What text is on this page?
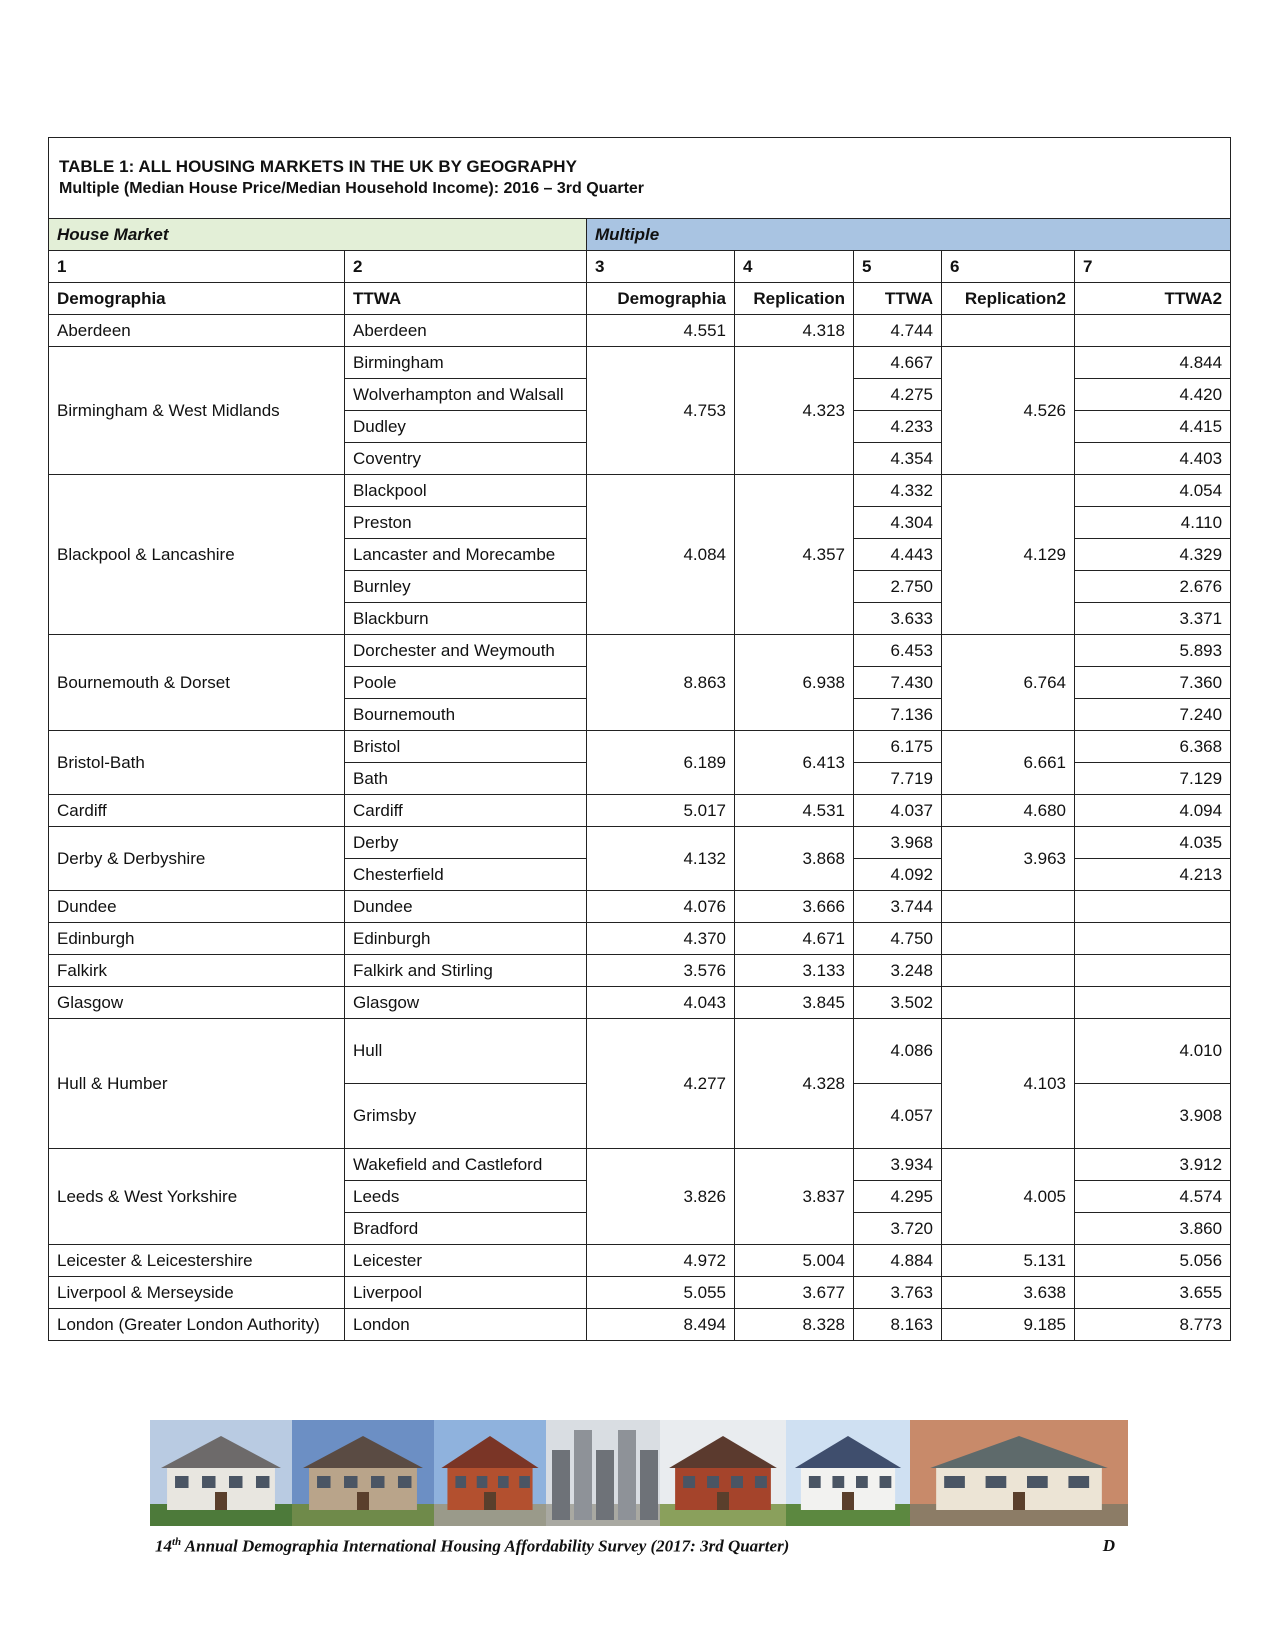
TABLE 1: ALL HOUSING MARKETS IN THE UK BY GEOGRAPHY
Multiple (Median House Price/Median Household Income): 2016 – 3rd Quarter						

House Market		Multiple				
1	2	3	4	5	6	7
Demographia	TTWA	Demographia	Replication	TTWA	Replication2	TTWA2
Aberdeen	Aberdeen	4.551	4.318	4.744		
Birmingham & West Midlands	Birmingham	4.753	4.323	4.667	4.526	4.844
	Wolverhampton and Walsall			4.275		4.420
	Dudley			4.233		4.415
	Coventry			4.354		4.403
Blackpool & Lancashire	Blackpool	4.084	4.357	4.332	4.129	4.054
	Preston			4.304		4.110
	Lancaster and Morecambe			4.443		4.329
	Burnley			2.750		2.676
	Blackburn			3.633		3.371
Bournemouth & Dorset	Dorchester and Weymouth	8.863	6.938	6.453	6.764	5.893
	Poole			7.430		7.360
	Bournemouth			7.136		7.240
Bristol-Bath	Bristol	6.189	6.413	6.175	6.661	6.368
	Bath			7.719		7.129
Cardiff	Cardiff	5.017	4.531	4.037	4.680	4.094
Derby & Derbyshire	Derby	4.132	3.868	3.968	3.963	4.035
	Chesterfield			4.092		4.213
Dundee	Dundee	4.076	3.666	3.744		
Edinburgh	Edinburgh	4.370	4.671	4.750		
Falkirk	Falkirk and Stirling	3.576	3.133	3.248		
Glasgow	Glasgow	4.043	3.845	3.502		
Hull & Humber	Hull	4.277	4.328	4.086	4.103	4.010
	Grimsby			4.057		3.908
Leeds & West Yorkshire	Wakefield and Castleford	3.826	3.837	3.934	4.005	3.912
	Leeds			4.295		4.574
	Bradford			3.720		3.860
Leicester & Leicestershire	Leicester	4.972	5.004	4.884	5.131	5.056
Liverpool & Merseyside	Liverpool	5.055	3.677	3.763	3.638	3.655
London (Greater London Authority)	London	8.494	8.328	8.163	9.185	8.773
14th Annual Demographia International Housing Affordability Survey (2017: 3rd Quarter)	D
